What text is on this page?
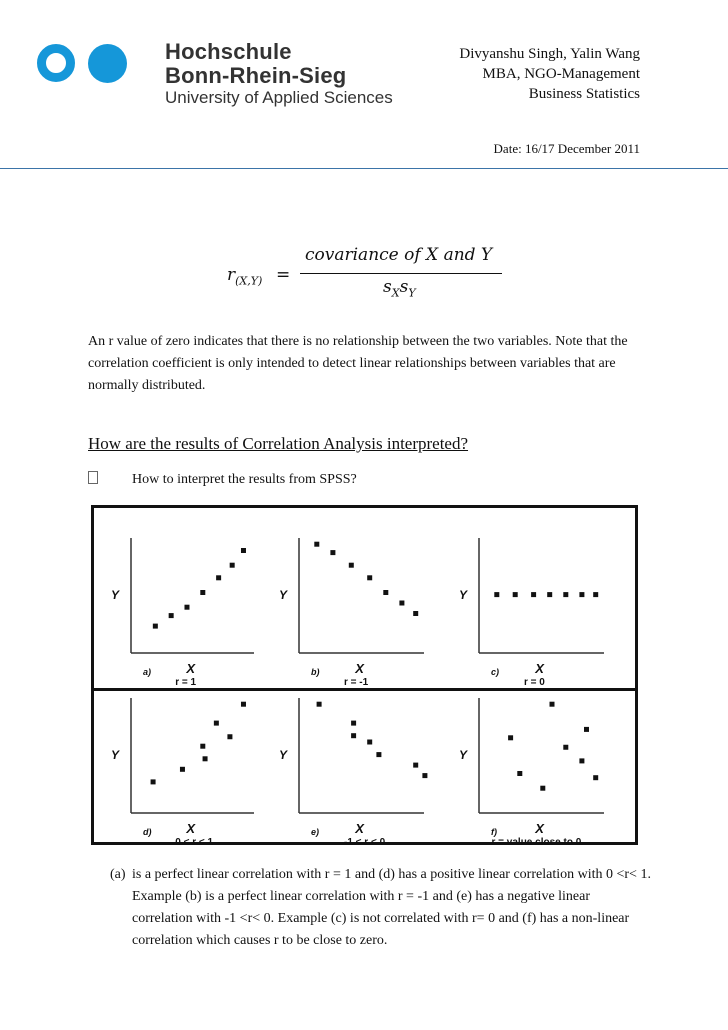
Hochschule
Bonn-Rhein-Sieg
University of Applied Sciences
Divyanshu Singh, Yalin Wang
MBA, NGO-Management
Business Statistics
Date: 16/17 December 2011
$r_{(X,Y)}$ =
covariance of X and Y
$s_Xs_Y$
An r value of zero indicates that there is no relationship between the two variables. Note that the correlation coefficient is only intended to detect linear relationships between variables that are normally distributed.
How are the results of Correlation Analysis interpreted?
How to interpret the results from SPSS?
Y
X
a)
r = 1
Y
X
b)
r = -1
Y
X
c)
r = 0
Y
X
d)
0 < r < 1
Y
X
e)
-1 < r < 0
Y
X
f)
r = value close to 0
(a) is a perfect linear correlation with r = 1 and (d) has a positive linear correlation with 0 <r< 1. Example (b) is a perfect linear correlation with r = -1 and (e) has a negative linear correlation with -1 <r< 0. Example (c) is not correlated with r= 0 and (f) has a non-linear correlation which causes r to be close to zero.
